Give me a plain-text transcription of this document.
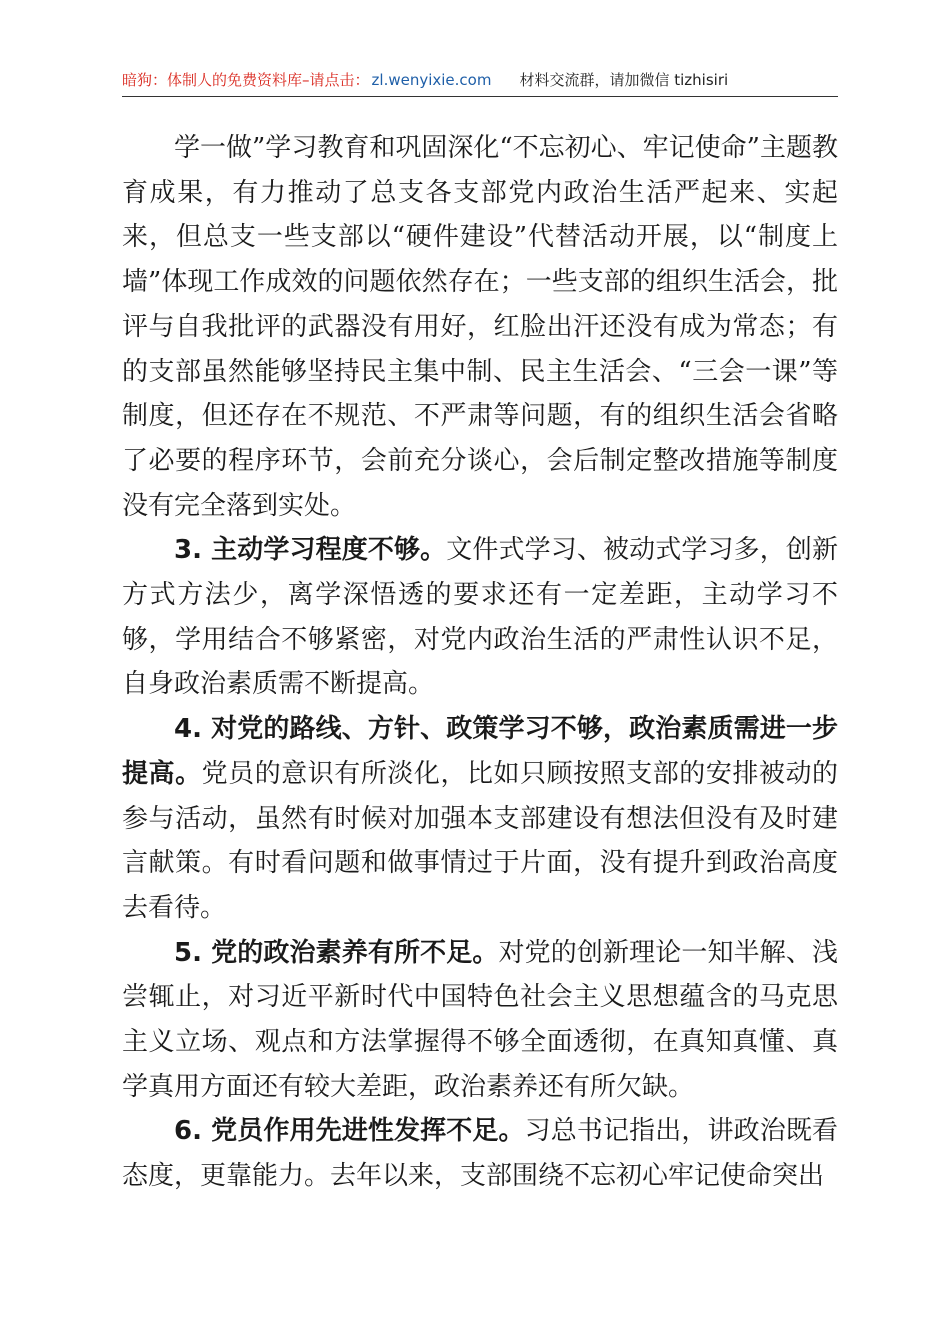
暗狗：体制人的免费资料库–请点击： zl.wenyixie.com 材料交流群，请加微信 tizhisiri

学一做”学习教育和巩固深化“不忘初心、牢记使命”主题教育成果，有力推动了总支各支部党内政治生活严起来、实起来，但总支一些支部以“硬件建设”代替活动开展，以“制度上墙”体现工作成效的问题依然存在；一些支部的组织生活会，批评与自我批评的武器没有用好，红脸出汗还没有成为常态；有的支部虽然能够坚持民主集中制、民主生活会、“三会一课”等制度，但还存在不规范、不严肃等问题，有的组织生活会省略了必要的程序环节，会前充分谈心，会后制定整改措施等制度没有完全落到实处。

3. 主动学习程度不够。文件式学习、被动式学习多，创新方式方法少，离学深悟透的要求还有一定差距，主动学习不够，学用结合不够紧密，对党内政治生活的严肃性认识不足，自身政治素质需不断提高。

4. 对党的路线、方针、政策学习不够，政治素质需进一步提高。党员的意识有所淡化，比如只顾按照支部的安排被动的参与活动，虽然有时候对加强本支部建设有想法但没有及时建言献策。有时看问题和做事情过于片面，没有提升到政治高度去看待。

5. 党的政治素养有所不足。对党的创新理论一知半解、浅尝辄止，对习近平新时代中国特色社会主义思想蕴含的马克思主义立场、观点和方法掌握得不够全面透彻，在真知真懂、真学真用方面还有较大差距，政治素养还有所欠缺。

6. 党员作用先进性发挥不足。习总书记指出，讲政治既看态度，更靠能力。去年以来，支部围绕不忘初心牢记使命突出
